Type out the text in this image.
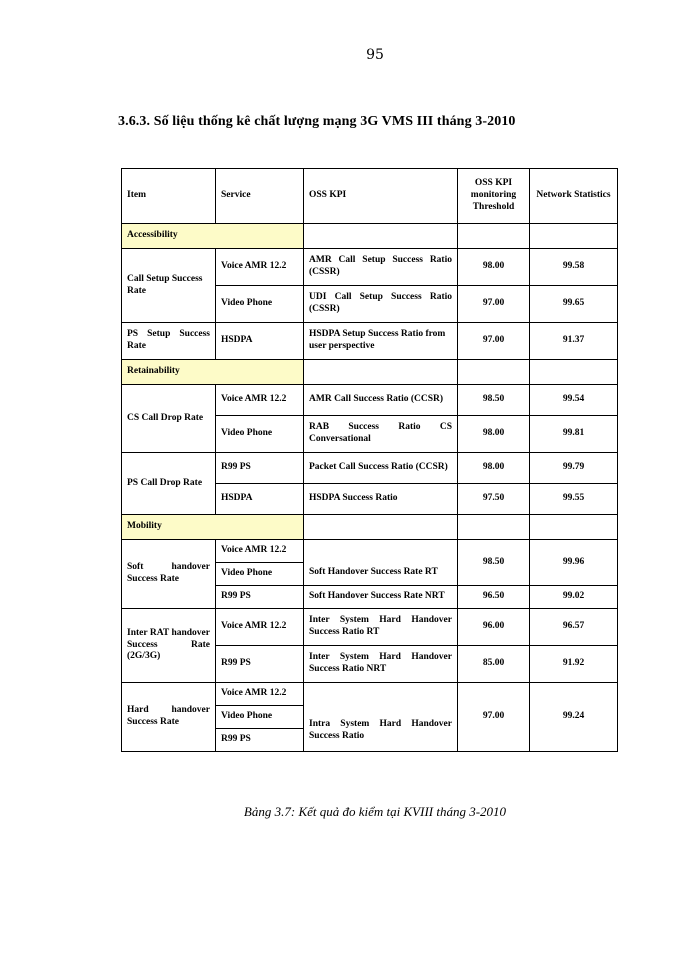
95
3.6.3. Số liệu thống kê chất lượng mạng 3G VMS III tháng 3-2010
Item	Service	OSS KPI	OSS KPI monitoring Threshold	Network Statistics
Accessibility				
Call Setup Success Rate	Voice AMR 12.2	AMR Call Setup Success Ratio (CSSR)	98.00	99.58
	Video Phone	UDI Call Setup Success Ratio (CSSR)	97.00	99.65
PS Setup Success Rate	HSDPA	HSDPA Setup Success Ratio from user perspective	97.00	91.37
Retainability				
CS Call Drop Rate	Voice AMR 12.2	AMR Call Success Ratio (CCSR)	98.50	99.54
	Video Phone	RAB Success Ratio CS Conversational	98.00	99.81
PS Call Drop Rate	R99 PS	Packet Call Success Ratio (CCSR)	98.00	99.79
	HSDPA	HSDPA Success Ratio	97.50	99.55
Mobility				
Soft handover Success Rate	Voice AMR 12.2	Soft Handover Success Rate RT	98.50	99.96
	Video Phone			
	R99 PS	Soft Handover Success Rate NRT	96.50	99.02
Inter RAT handover Success Rate (2G/3G)	Voice AMR 12.2	Inter System Hard Handover Success Ratio RT	96.00	96.57
	R99 PS	Inter System Hard Handover Success Ratio NRT	85.00	91.92
Hard handover Success Rate	Voice AMR 12.2	Intra System Hard Handover Success Ratio	97.00	99.24
	Video Phone			
	R99 PS			
Bảng 3.7: Kết quả đo kiểm tại KVIII tháng 3-2010
